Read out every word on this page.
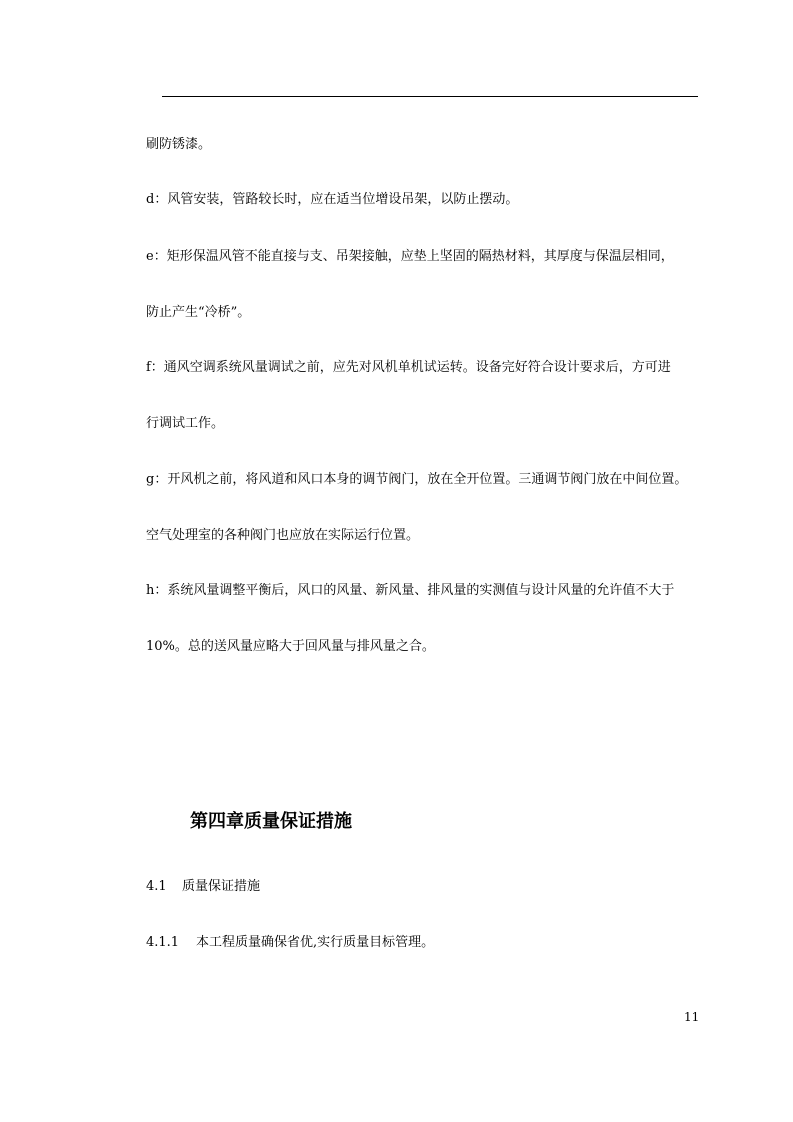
刷防锈漆。
d：风管安装，管路较长时，应在适当位增设吊架，以防止摆动。
e：矩形保温风管不能直接与支、吊架接触，应垫上坚固的隔热材料，其厚度与保温层相同，
防止产生“冷桥”。
f：通风空调系统风量调试之前，应先对风机单机试运转。设备完好符合设计要求后，方可进
行调试工作。
g：开风机之前，将风道和风口本身的调节阀门，放在全开位置。三通调节阀门放在中间位置。
空气处理室的各种阀门也应放在实际运行位置。
h：系统风量调整平衡后，风口的风量、新风量、排风量的实测值与设计风量的允许值不大于
10%。总的送风量应略大于回风量与排风量之合。
第四章质量保证措施
4.1 质量保证措施
4.1.1 本工程质量确保省优,实行质量目标管理。
11
